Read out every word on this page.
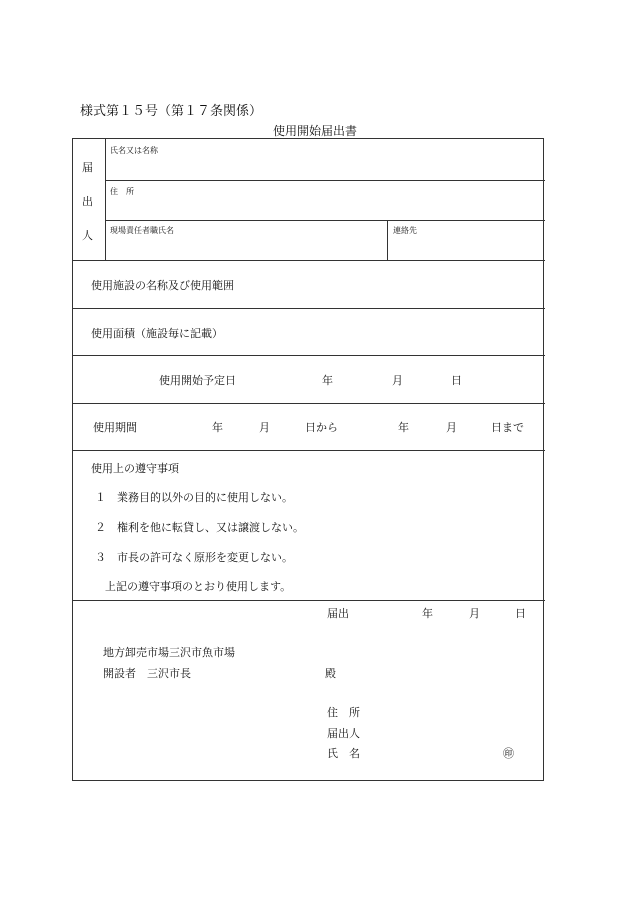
様式第１５号（第１７条関係）
使用開始届出書
届
出
人
氏名又は名称
住　所
現場責任者職氏名	連絡先
使用施設の名称及び使用範囲
使用面積（施設毎に記載）
使用開始予定日	年	月	日
使用期間	年	月	日から	年	月	日まで
使用上の遵守事項
１　業務目的以外の目的に使用しない。
２　権利を他に転貸し、又は譲渡しない。
３　市長の許可なく原形を変更しない。
上記の遵守事項のとおり使用します。
届出	年	月	日
地方卸売市場三沢市魚市場
開設者　三沢市長	殿
住　所
届出人
氏　名	㊞
